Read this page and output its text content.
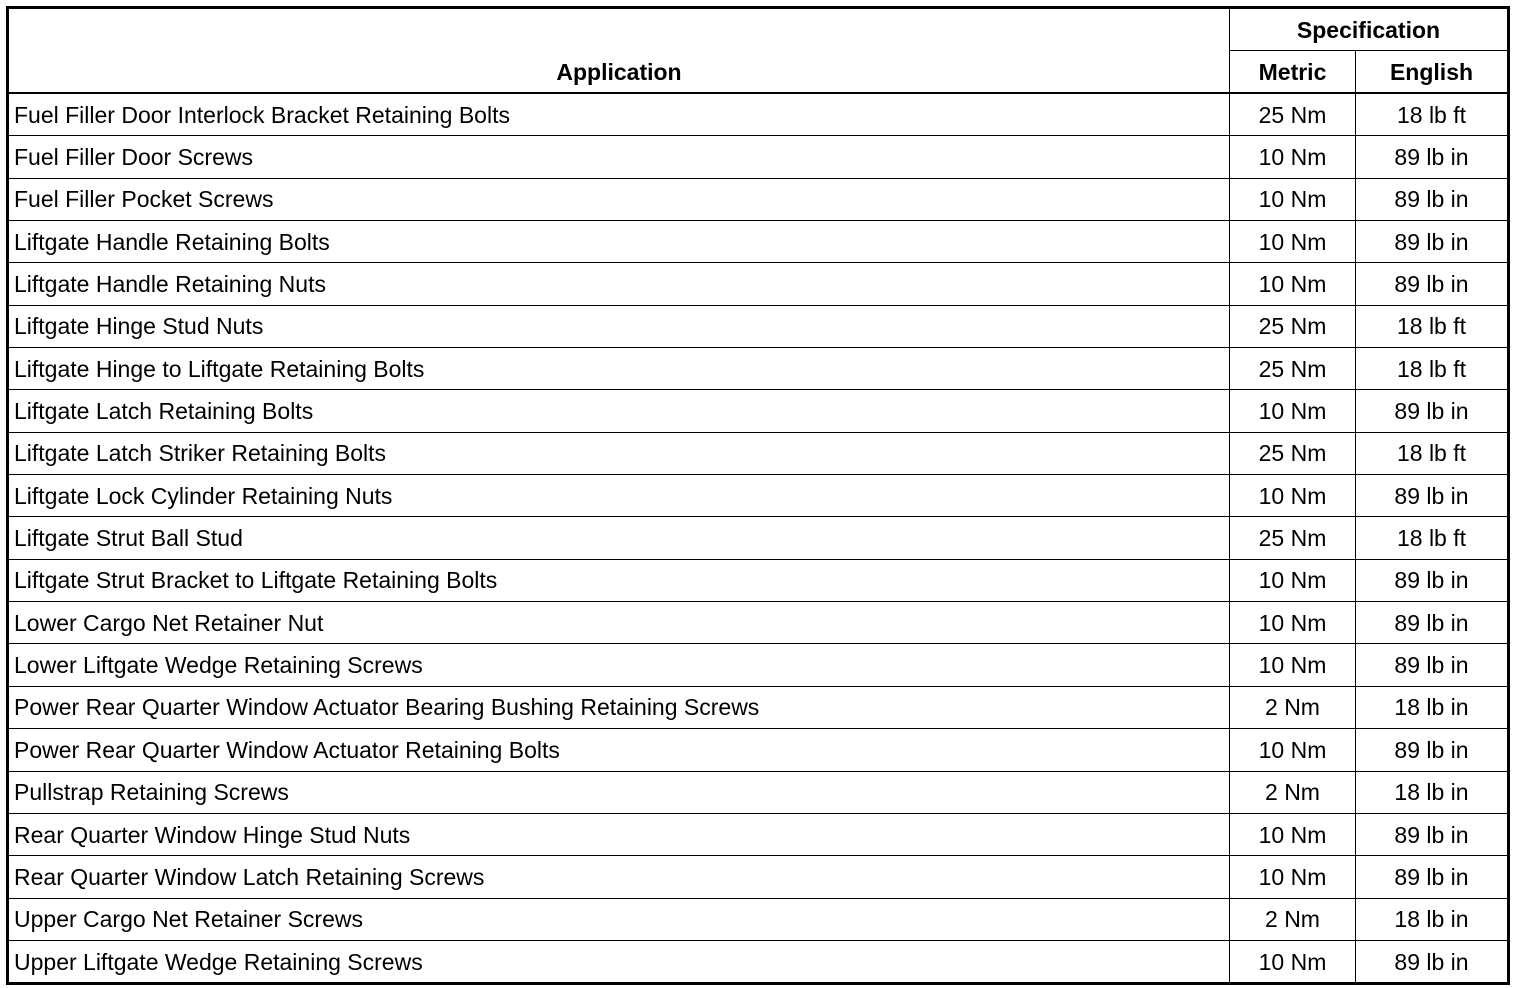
Application	Specification	
	Metric	English
Fuel Filler Door Interlock Bracket Retaining Bolts	25 Nm	18 lb ft
Fuel Filler Door Screws	10 Nm	89 lb in
Fuel Filler Pocket Screws	10 Nm	89 lb in
Liftgate Handle Retaining Bolts	10 Nm	89 lb in
Liftgate Handle Retaining Nuts	10 Nm	89 lb in
Liftgate Hinge Stud Nuts	25 Nm	18 lb ft
Liftgate Hinge to Liftgate Retaining Bolts	25 Nm	18 lb ft
Liftgate Latch Retaining Bolts	10 Nm	89 lb in
Liftgate Latch Striker Retaining Bolts	25 Nm	18 lb ft
Liftgate Lock Cylinder Retaining Nuts	10 Nm	89 lb in
Liftgate Strut Ball Stud	25 Nm	18 lb ft
Liftgate Strut Bracket to Liftgate Retaining Bolts	10 Nm	89 lb in
Lower Cargo Net Retainer Nut	10 Nm	89 lb in
Lower Liftgate Wedge Retaining Screws	10 Nm	89 lb in
Power Rear Quarter Window Actuator Bearing Bushing Retaining Screws	2 Nm	18 lb in
Power Rear Quarter Window Actuator Retaining Bolts	10 Nm	89 lb in
Pullstrap Retaining Screws	2 Nm	18 lb in
Rear Quarter Window Hinge Stud Nuts	10 Nm	89 lb in
Rear Quarter Window Latch Retaining Screws	10 Nm	89 lb in
Upper Cargo Net Retainer Screws	2 Nm	18 lb in
Upper Liftgate Wedge Retaining Screws	10 Nm	89 lb in
